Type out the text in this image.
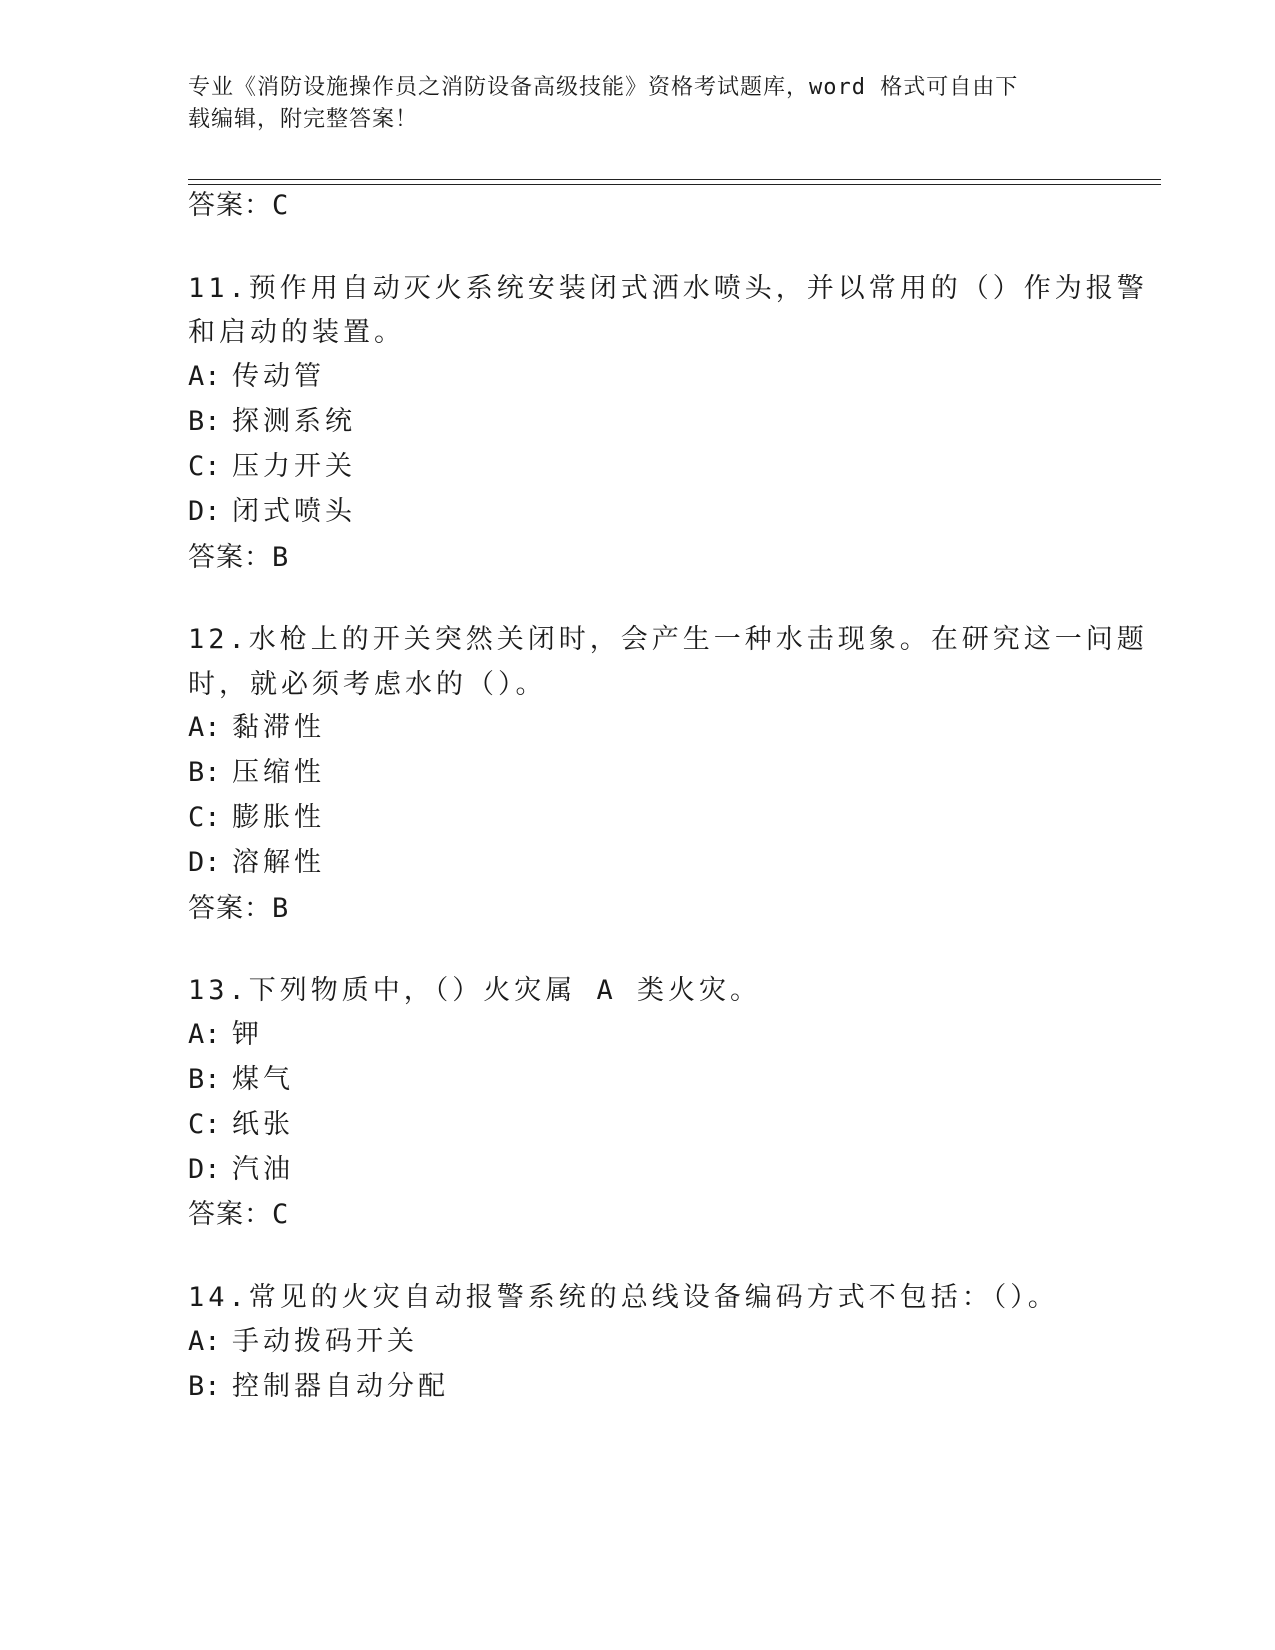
专业《消防设施操作员之消防设备高级技能》资格考试题库，word 格式可自由下
载编辑，附完整答案！
答案：C
11.预作用自动灭火系统安装闭式洒水喷头，并以常用的（）作为报警
和启动的装置。
A: 传动管
B: 探测系统
C: 压力开关
D: 闭式喷头
答案：B
12.水枪上的开关突然关闭时，会产生一种水击现象。在研究这一问题
时，就必须考虑水的（）。
A: 黏滞性
B: 压缩性
C: 膨胀性
D: 溶解性
答案：B
13.下列物质中，（）火灾属 A 类火灾。
A: 钾
B: 煤气
C: 纸张
D: 汽油
答案：C
14.常见的火灾自动报警系统的总线设备编码方式不包括：（）。
A: 手动拨码开关
B: 控制器自动分配
